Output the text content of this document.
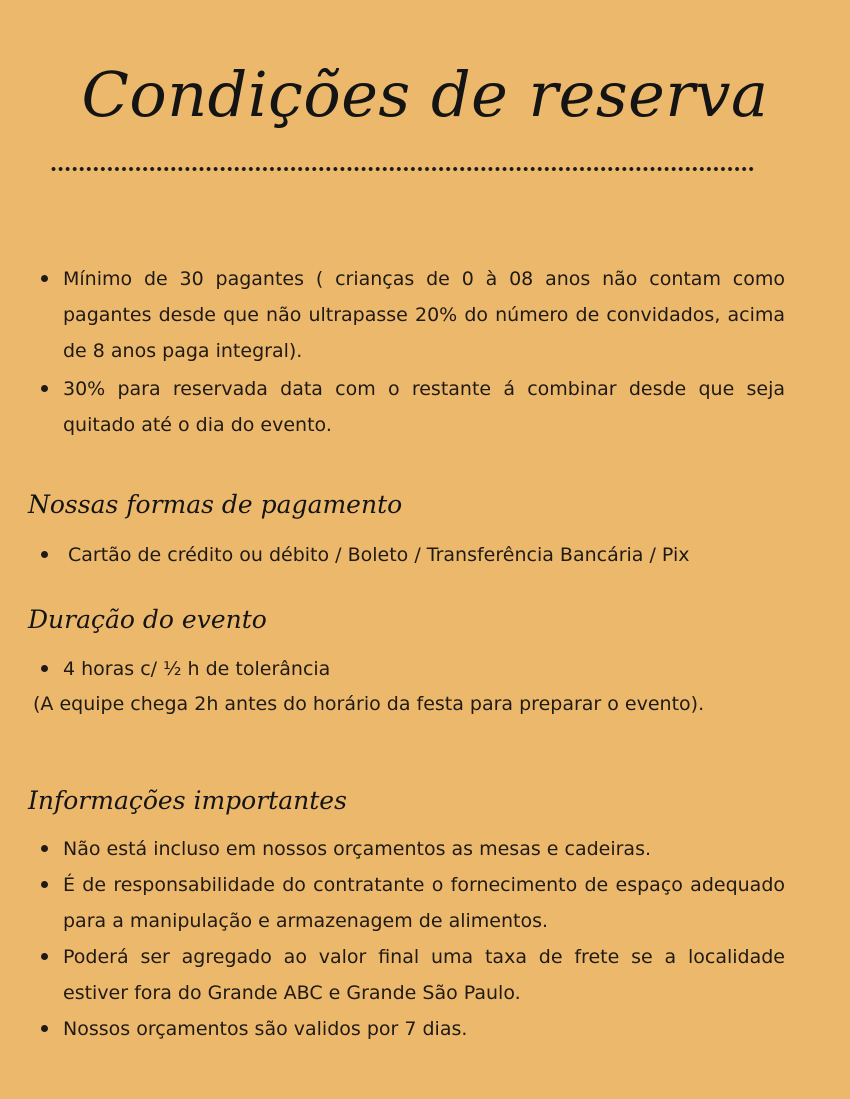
Condições de reserva
Mínimo de 30 pagantes ( crianças de 0 à 08 anos não contam como pagantes desde que não ultrapasse 20% do número de convidados, acima de 8 anos paga integral).
30% para reservada data com o restante á combinar desde que seja quitado até o dia do evento.
Nossas formas de pagamento
Cartão de crédito ou débito / Boleto / Transferência Bancária / Pix
Duração do evento
4 horas c/ ½ h de tolerância
(A equipe chega 2h antes do horário da festa para preparar o evento).
Informações importantes
Não está incluso em nossos orçamentos as mesas e cadeiras.
É de responsabilidade do contratante o fornecimento de espaço adequado para a manipulação e armazenagem de alimentos.
Poderá ser agregado ao valor final uma taxa de frete se a localidade estiver fora do Grande ABC e Grande São Paulo.
Nossos orçamentos são validos por 7 dias.
